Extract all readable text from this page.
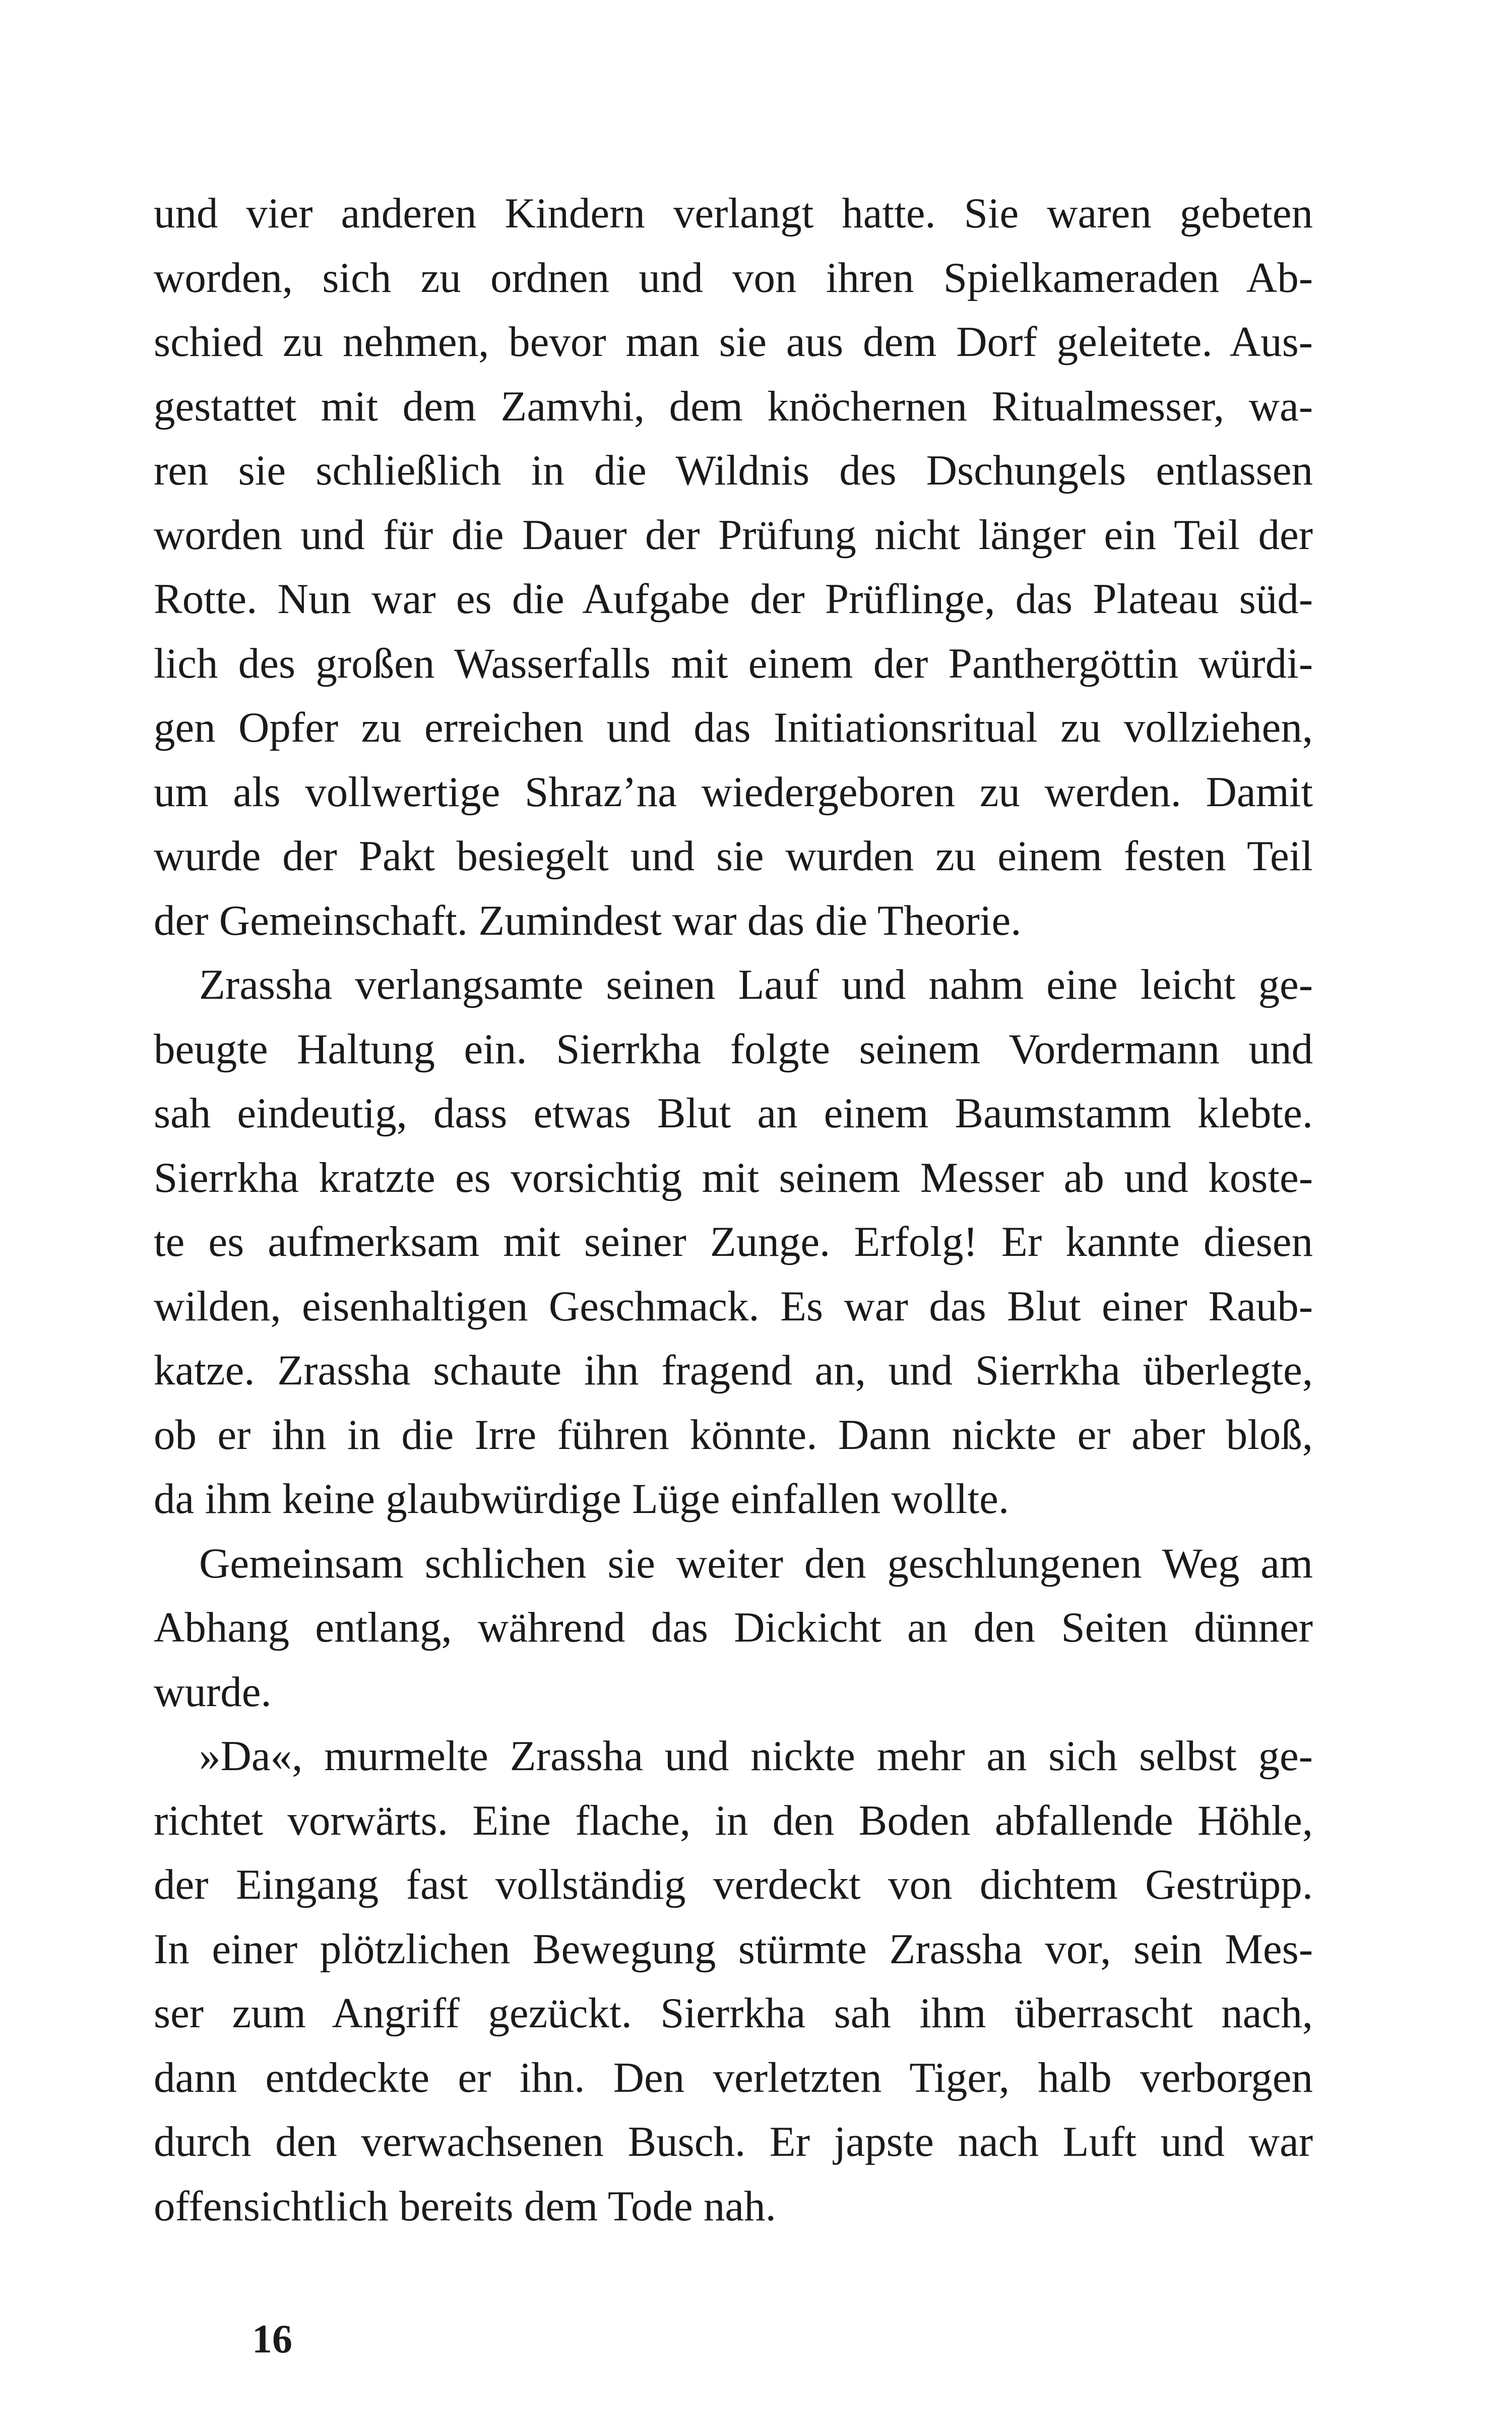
und vier anderen Kindern verlangt hatte. Sie waren gebeten
worden, sich zu ordnen und von ihren Spielkameraden Ab-
schied zu nehmen, bevor man sie aus dem Dorf geleitete. Aus-
gestattet mit dem Zamvhi, dem knöchernen Ritualmesser, wa-
ren sie schließlich in die Wildnis des Dschungels entlassen
worden und für die Dauer der Prüfung nicht länger ein Teil der
Rotte. Nun war es die Aufgabe der Prüflinge, das Plateau süd-
lich des großen Wasserfalls mit einem der Panthergöttin würdi-
gen Opfer zu erreichen und das Initiationsritual zu vollziehen,
um als vollwertige Shraz’na wiedergeboren zu werden. Damit
wurde der Pakt besiegelt und sie wurden zu einem festen Teil
der Gemeinschaft. Zumindest war das die Theorie.
Zrassha verlangsamte seinen Lauf und nahm eine leicht ge-
beugte Haltung ein. Sierrkha folgte seinem Vordermann und
sah eindeutig, dass etwas Blut an einem Baumstamm klebte.
Sierrkha kratzte es vorsichtig mit seinem Messer ab und koste-
te es aufmerksam mit seiner Zunge. Erfolg! Er kannte diesen
wilden, eisenhaltigen Geschmack. Es war das Blut einer Raub-
katze. Zrassha schaute ihn fragend an, und Sierrkha überlegte,
ob er ihn in die Irre führen könnte. Dann nickte er aber bloß,
da ihm keine glaubwürdige Lüge einfallen wollte.
Gemeinsam schlichen sie weiter den geschlungenen Weg am
Abhang entlang, während das Dickicht an den Seiten dünner
wurde.
»Da«, murmelte Zrassha und nickte mehr an sich selbst ge-
richtet vorwärts. Eine flache, in den Boden abfallende Höhle,
der Eingang fast vollständig verdeckt von dichtem Gestrüpp.
In einer plötzlichen Bewegung stürmte Zrassha vor, sein Mes-
ser zum Angriff gezückt. Sierrkha sah ihm überrascht nach,
dann entdeckte er ihn. Den verletzten Tiger, halb verborgen
durch den verwachsenen Busch. Er japste nach Luft und war
offensichtlich bereits dem Tode nah.
16
